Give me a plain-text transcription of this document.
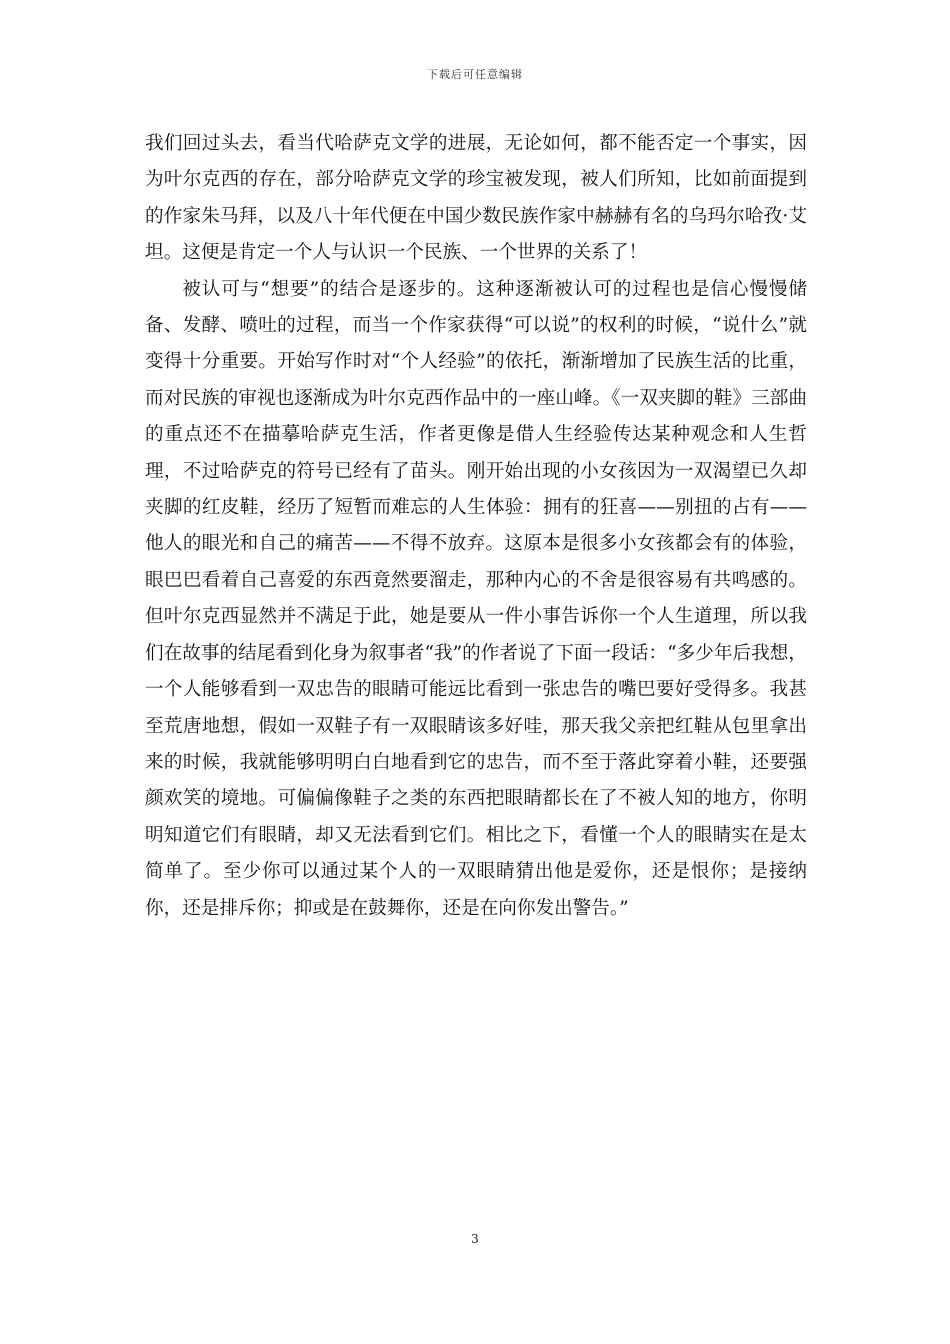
下载后可任意编辑

我们回过头去，看当代哈萨克文学的进展，无论如何，都不能否定一个事实，因为叶尔克西的存在，部分哈萨克文学的珍宝被发现，被人们所知，比如前面提到的作家朱马拜，以及八十年代便在中国少数民族作家中赫赫有名的乌玛尔哈孜·艾坦。这便是肯定一个人与认识一个民族、一个世界的关系了！

被认可与“想要”的结合是逐步的。这种逐渐被认可的过程也是信心慢慢储备、发酵、喷吐的过程，而当一个作家获得“可以说”的权利的时候，“说什么”就变得十分重要。开始写作时对“个人经验”的依托，渐渐增加了民族生活的比重，而对民族的审视也逐渐成为叶尔克西作品中的一座山峰。《一双夹脚的鞋》三部曲的重点还不在描摹哈萨克生活，作者更像是借人生经验传达某种观念和人生哲理，不过哈萨克的符号已经有了苗头。刚开始出现的小女孩因为一双渴望已久却夹脚的红皮鞋，经历了短暂而难忘的人生体验：拥有的狂喜——别扭的占有——他人的眼光和自己的痛苦——不得不放弃。这原本是很多小女孩都会有的体验，眼巴巴看着自己喜爱的东西竟然要溜走，那种内心的不舍是很容易有共鸣感的。但叶尔克西显然并不满足于此，她是要从一件小事告诉你一个人生道理，所以我们在故事的结尾看到化身为叙事者“我”的作者说了下面一段话：“多少年后我想，一个人能够看到一双忠告的眼睛可能远比看到一张忠告的嘴巴要好受得多。我甚至荒唐地想，假如一双鞋子有一双眼睛该多好哇，那天我父亲把红鞋从包里拿出来的时候，我就能够明明白白地看到它的忠告，而不至于落此穿着小鞋，还要强颜欢笑的境地。可偏偏像鞋子之类的东西把眼睛都长在了不被人知的地方，你明明知道它们有眼睛，却又无法看到它们。相比之下，看懂一个人的眼睛实在是太简单了。至少你可以通过某个人的一双眼睛猜出他是爱你，还是恨你；是接纳你，还是排斥你；抑或是在鼓舞你，还是在向你发出警告。”

3
